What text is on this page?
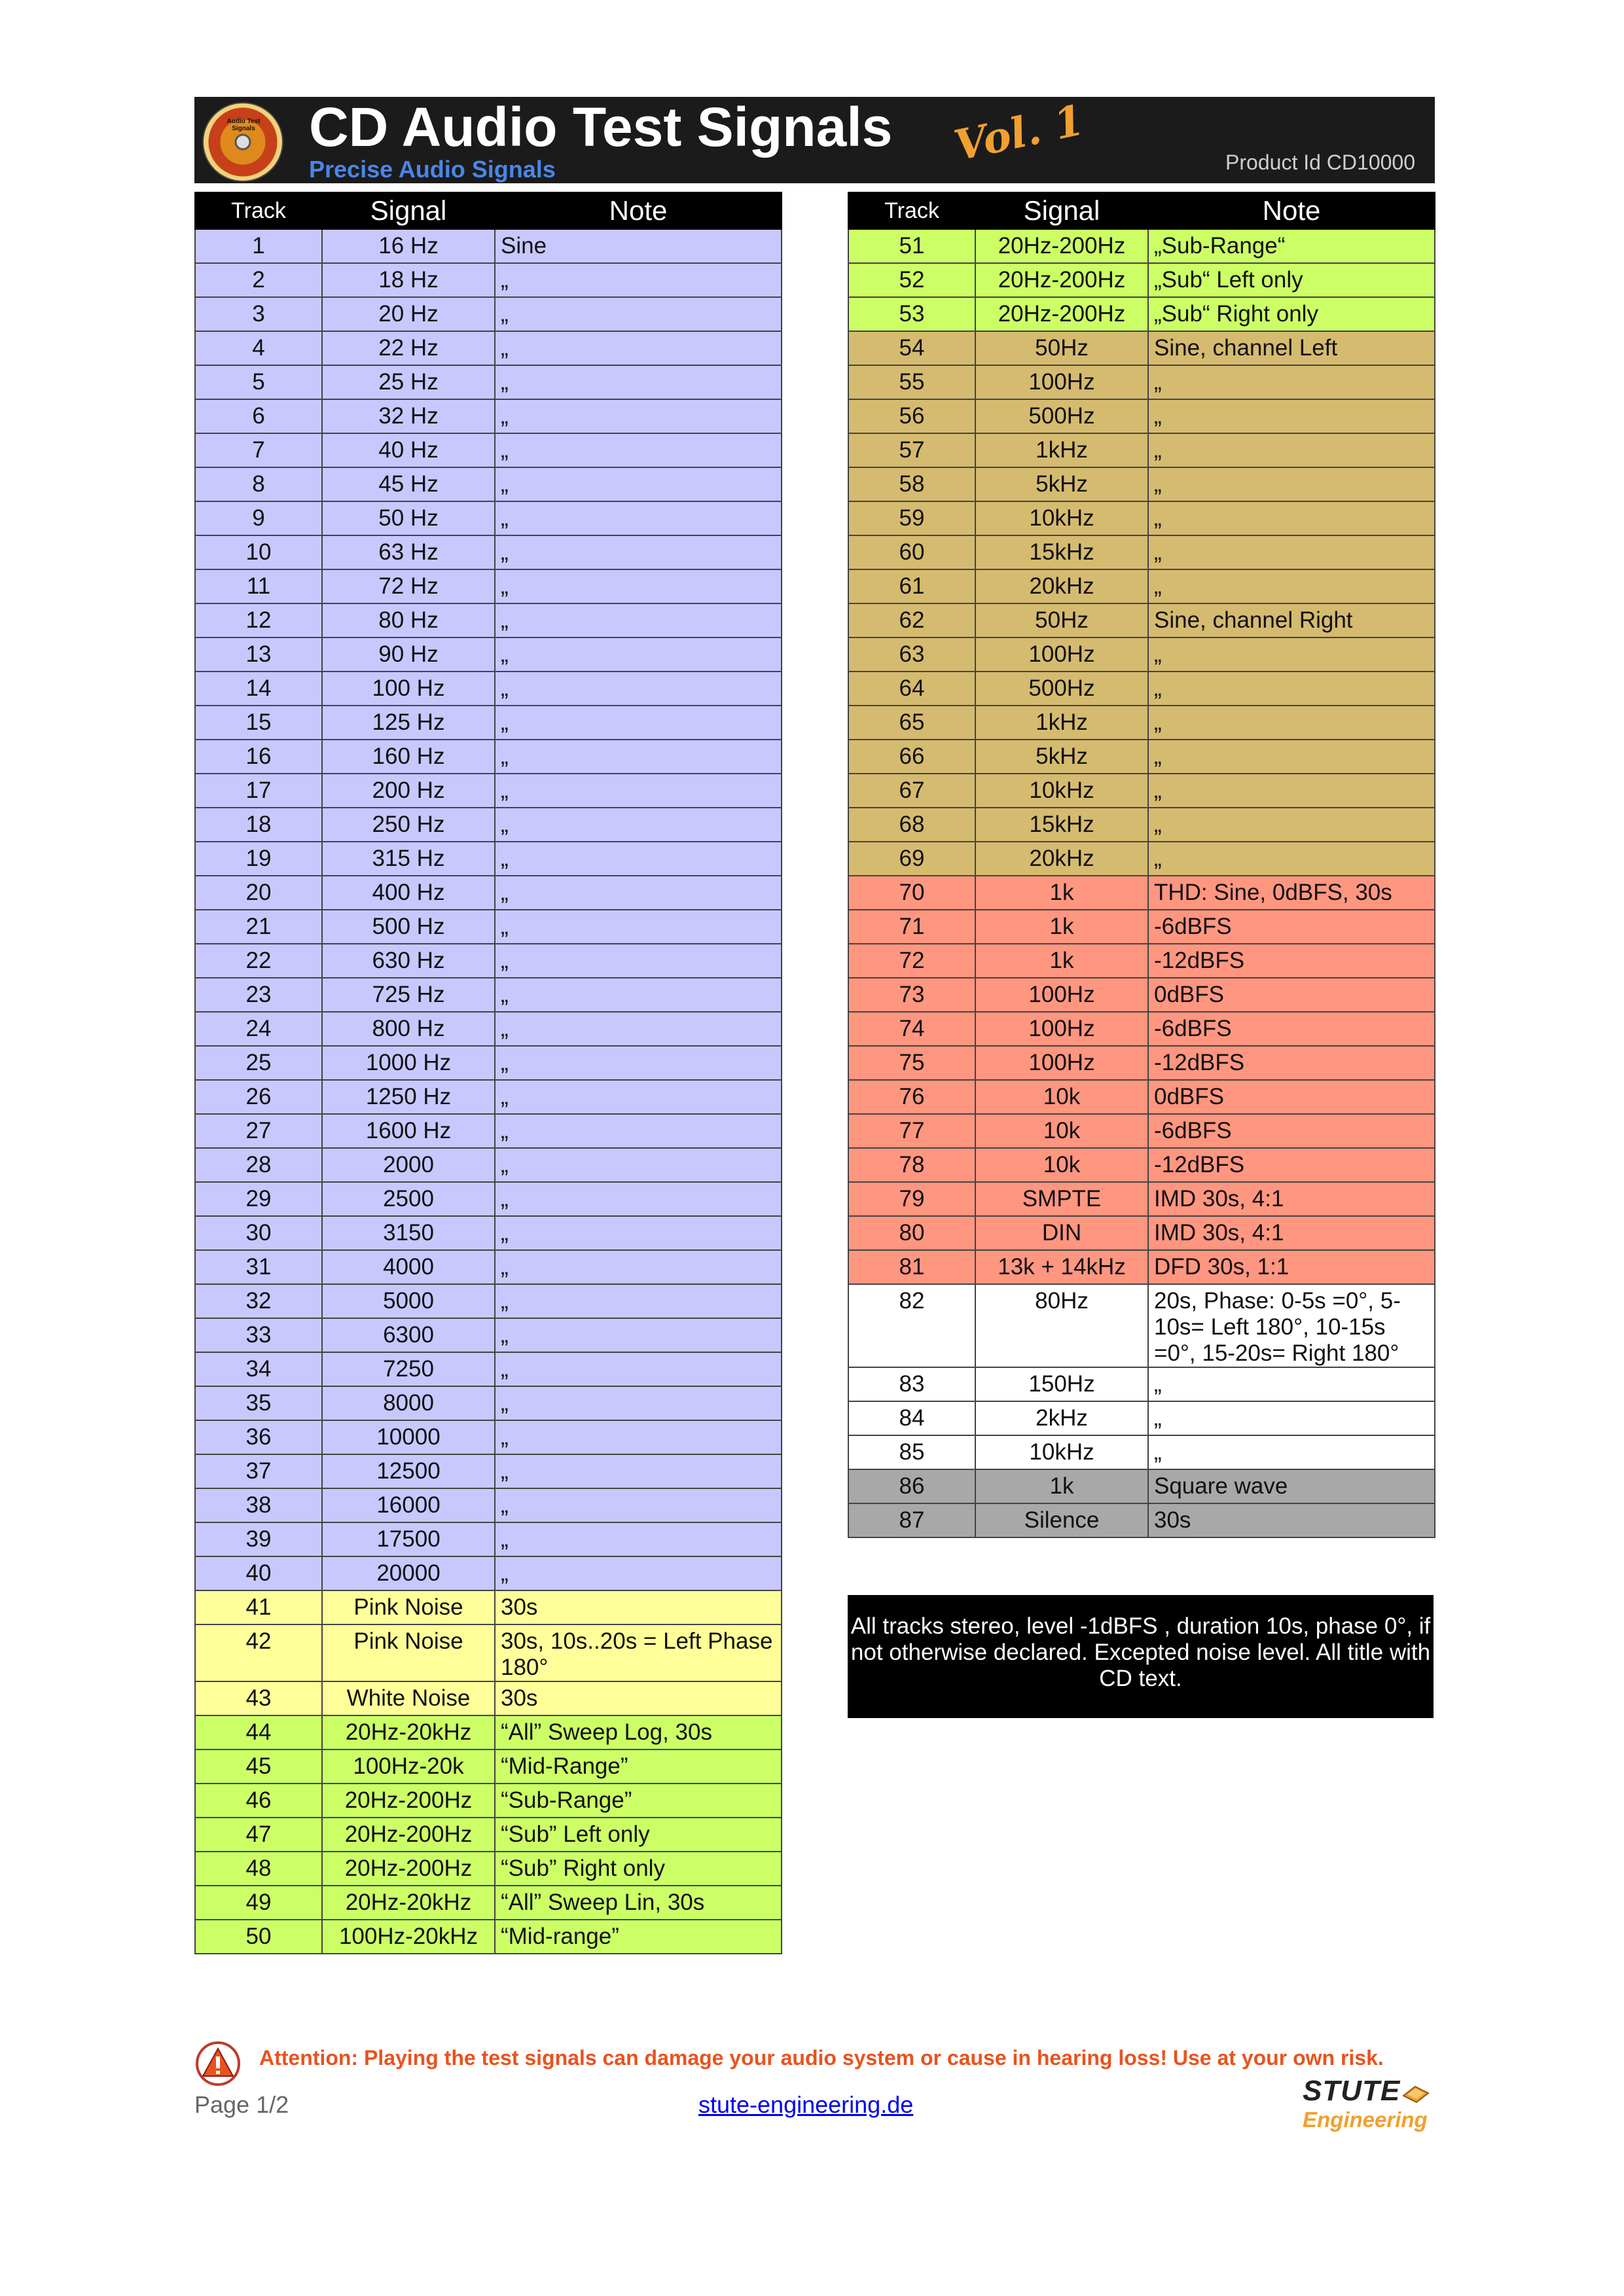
Audio Test Signals CD Audio Test Signals
Precise Audio Signals	Vol. 1	Product Id CD10000
Track	Signal	Note

1	16 Hz	Sine

2	18 Hz	„

3	20 Hz	„

4	22 Hz	„

5	25 Hz	„

6	32 Hz	„

7	40 Hz	„

8	45 Hz	„

9	50 Hz	„

10	63 Hz	„

11	72 Hz	„

12	80 Hz	„

13	90 Hz	„

14	100 Hz	„

15	125 Hz	„

16	160 Hz	„

17	200 Hz	„

18	250 Hz	„

19	315 Hz	„

20	400 Hz	„

21	500 Hz	„

22	630 Hz	„

23	725 Hz	„

24	800 Hz	„

25	1000 Hz	„

26	1250 Hz	„

27	1600 Hz	„

28	2000	„

29	2500	„

30	3150	„

31	4000	„

32	5000	„

33	6300	„

34	7250	„

35	8000	„

36	10000	„

37	12500	„

38	16000	„

39	17500	„

40	20000	„

41	Pink Noise	30s

42	Pink Noise	30s, 10s..20s = Left Phase 180°

43	White Noise	30s

44	20Hz-20kHz	“All” Sweep Log, 30s

45	100Hz-20k	“Mid-Range”

46	20Hz-200Hz	“Sub-Range”

47	20Hz-200Hz	“Sub” Left only

48	20Hz-200Hz	“Sub” Right only

49	20Hz-20kHz	“All” Sweep Lin, 30s

50	100Hz-20kHz	“Mid-range”
Track	Signal	Note

51	20Hz-200Hz	„Sub-Range“

52	20Hz-200Hz	„Sub“ Left only

53	20Hz-200Hz	„Sub“ Right only

54	50Hz	Sine, channel Left

55	100Hz	„

56	500Hz	„

57	1kHz	„

58	5kHz	„

59	10kHz	„

60	15kHz	„

61	20kHz	„

62	50Hz	Sine, channel Right

63	100Hz	„

64	500Hz	„

65	1kHz	„

66	5kHz	„

67	10kHz	„

68	15kHz	„

69	20kHz	„

70	1k	THD: Sine, 0dBFS, 30s

71	1k	-6dBFS

72	1k	-12dBFS

73	100Hz	0dBFS

74	100Hz	-6dBFS

75	100Hz	-12dBFS

76	10k	0dBFS

77	10k	-6dBFS

78	10k	-12dBFS

79	SMPTE	IMD 30s, 4:1

80	DIN	IMD 30s, 4:1

81	13k + 14kHz	DFD 30s, 1:1

82	80Hz	20s, Phase: 0-5s =0°, 5-10s= Left 180°, 10-15s =0°, 15-20s= Right 180°

83	150Hz	„

84	2kHz	„

85	10kHz	„

86	1k	Square wave

87	Silence	30s
All tracks stereo, level -1dBFS , duration 10s, phase 0°, if not otherwise declared. Excepted noise level. All title with CD text.
Attention: Playing the test signals can damage your audio system or cause in hearing loss! Use at your own risk.
Page 1/2	stute-engineering.de	STUTE
Engineering
